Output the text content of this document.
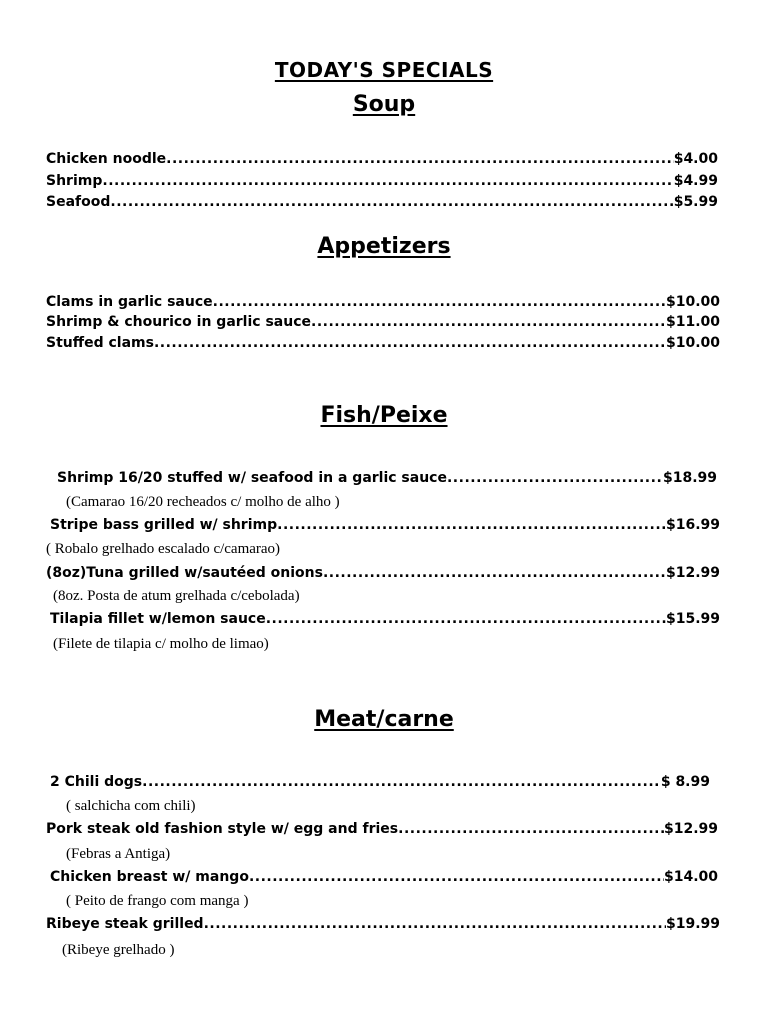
TODAY'S SPECIALS
Soup
Chicken noodle .....	$4.00
Shrimp .....	$4.99
Seafood .....	$5.99
Appetizers
Clams in garlic sauce .....	$10.00
Shrimp & chourico in garlic sauce .....	$11.00
Stuffed clams .....	$10.00
Fish/Peixe
Shrimp 16/20 stuffed w/ seafood in a garlic sauce .....	$18.99
(Camarao 16/20 recheados c/ molho de alho )
Stripe bass grilled w/ shrimp .....	$16.99
( Robalo grelhado escalado c/camarao)
(8oz)Tuna grilled w/sautéed onions .....	$12.99
(8oz. Posta de atum grelhada c/cebolada)
Tilapia fillet w/lemon sauce .....	$15.99
(Filete de tilapia c/ molho de limao)
Meat/carne
2 Chili dogs .....	$ 8.99
( salchicha com chili)
Pork steak old fashion style w/ egg and fries .....	$12.99
(Febras a Antiga)
Chicken breast w/ mango .....	$14.00
( Peito de frango com manga )
Ribeye steak grilled .....	$19.99
(Ribeye grelhado )
